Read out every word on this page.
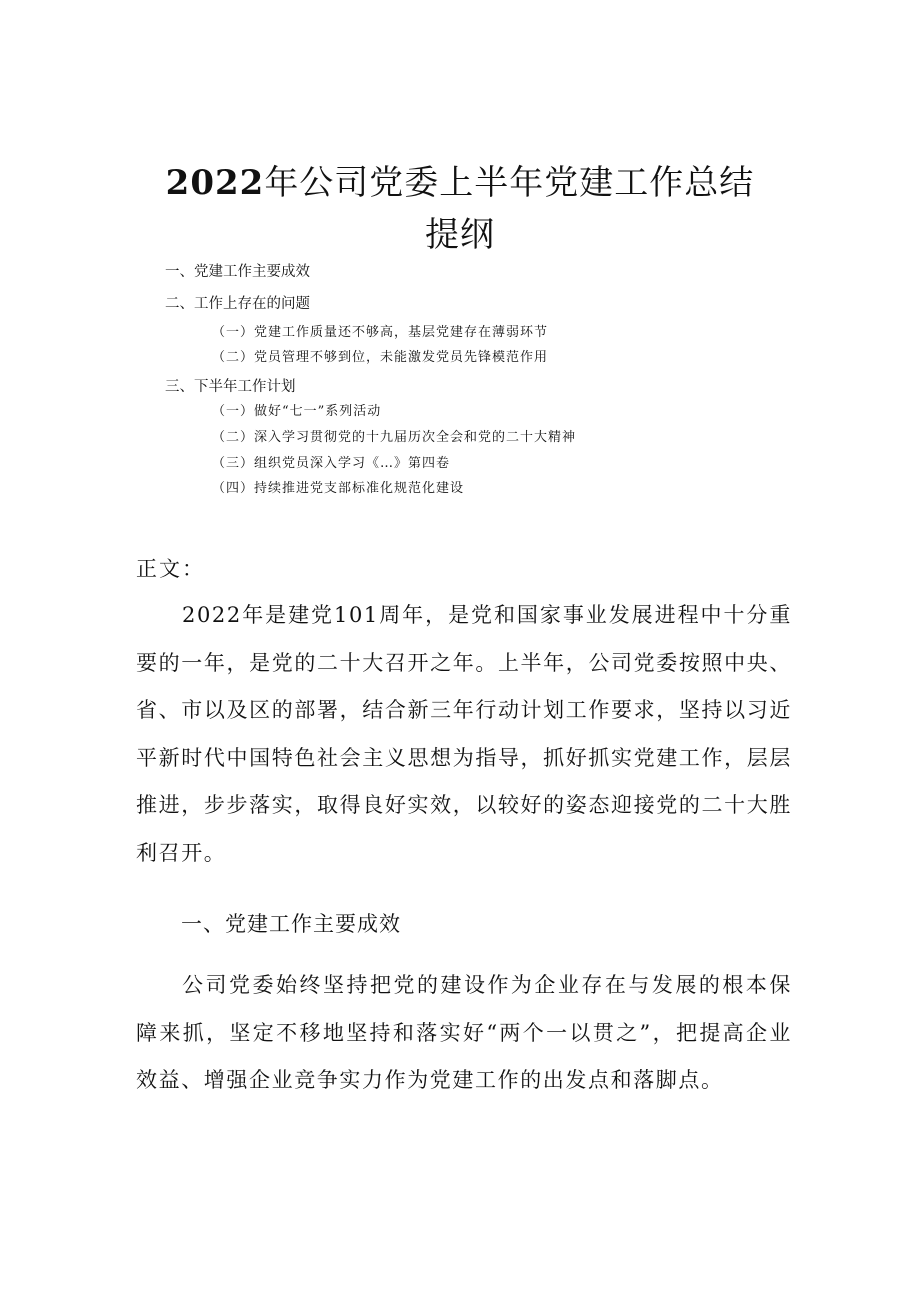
2022年公司党委上半年党建工作总结
提纲
一、党建工作主要成效
二、工作上存在的问题
（一）党建工作质量还不够高，基层党建存在薄弱环节
（二）党员管理不够到位，未能激发党员先锋模范作用
三、下半年工作计划
（一）做好“七一”系列活动
（二）深入学习贯彻党的十九届历次全会和党的二十大精神
（三）组织党员深入学习《…》第四卷
（四）持续推进党支部标准化规范化建设
正文：

2022年是建党101周年，是党和国家事业发展进程中十分重要的一年，是党的二十大召开之年。上半年，公司党委按照中央、省、市以及区的部署，结合新三年行动计划工作要求，坚持以习近平新时代中国特色社会主义思想为指导，抓好抓实党建工作，层层推进，步步落实，取得良好实效，以较好的姿态迎接党的二十大胜利召开。

一、党建工作主要成效

公司党委始终坚持把党的建设作为企业存在与发展的根本保障来抓，坚定不移地坚持和落实好“两个一以贯之”，把提高企业效益、增强企业竞争实力作为党建工作的出发点和落脚点。
